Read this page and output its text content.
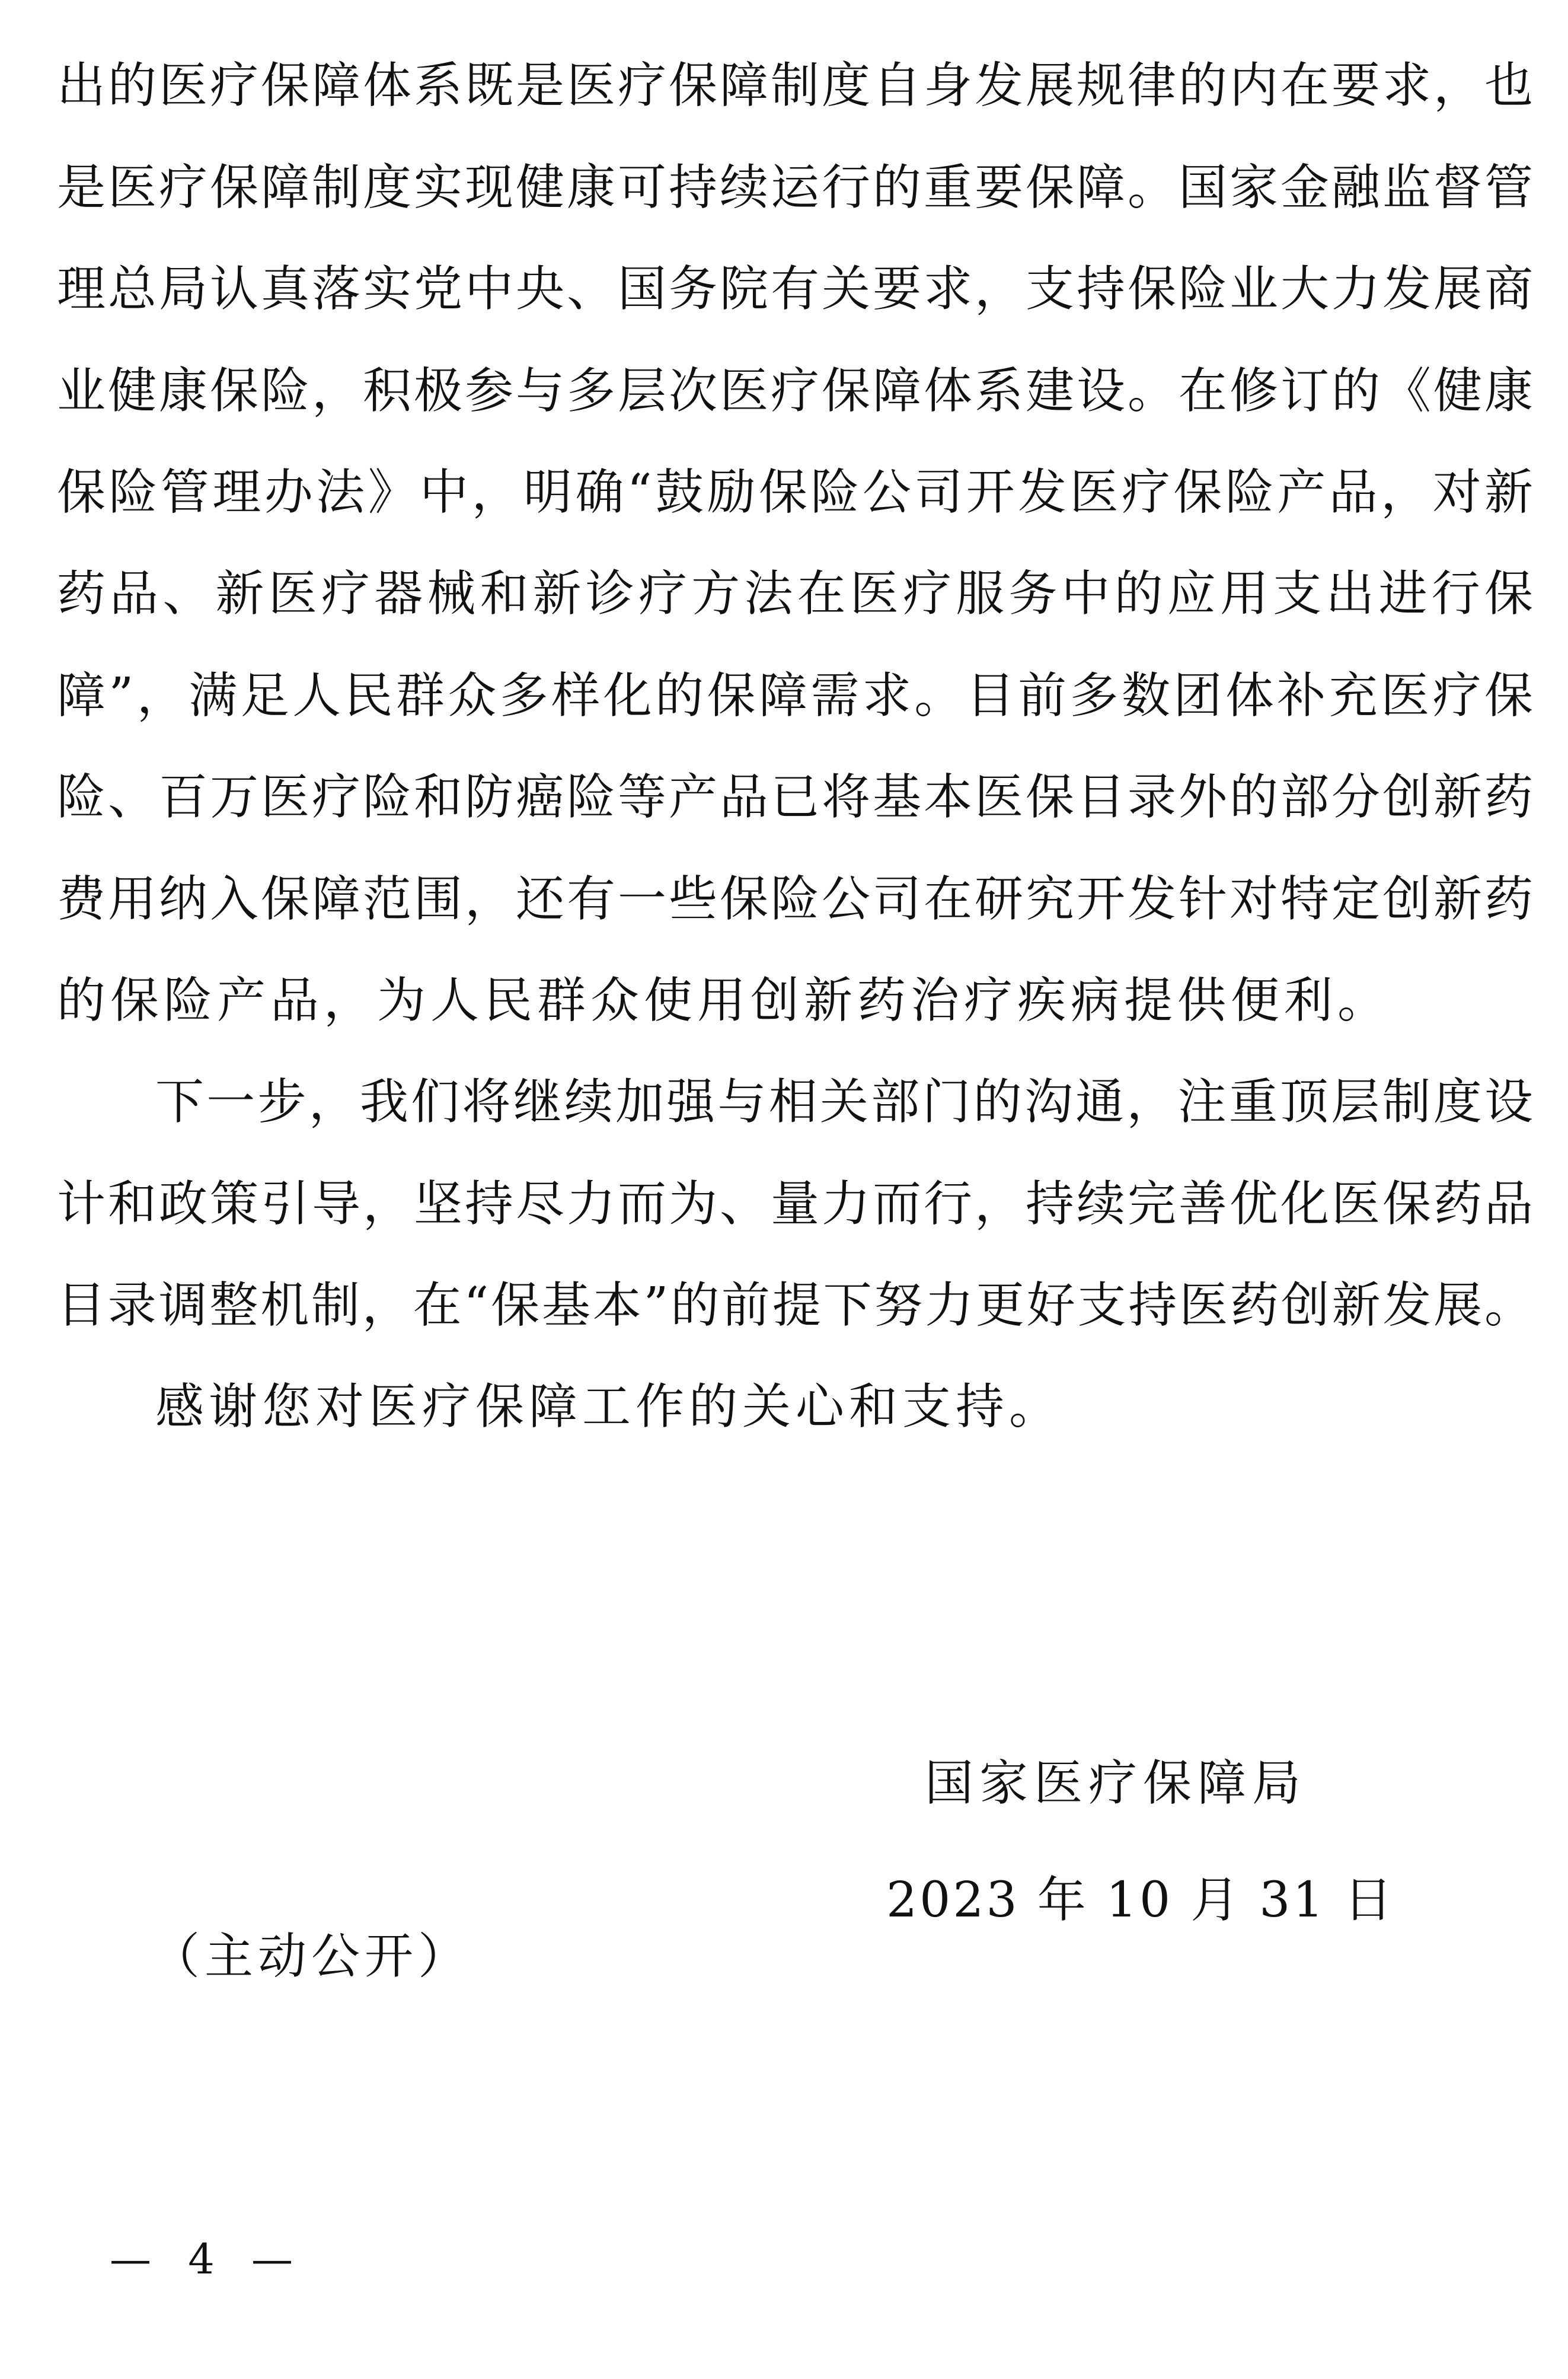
出的医疗保障体系既是医疗保障制度自身发展规律的内在要求，也
是医疗保障制度实现健康可持续运行的重要保障。国家金融监督管
理总局认真落实党中央、国务院有关要求，支持保险业大力发展商
业健康保险，积极参与多层次医疗保障体系建设。在修订的《健康
保险管理办法》中，明确“鼓励保险公司开发医疗保险产品，对新
药品、新医疗器械和新诊疗方法在医疗服务中的应用支出进行保
障”，满足人民群众多样化的保障需求。目前多数团体补充医疗保
险、百万医疗险和防癌险等产品已将基本医保目录外的部分创新药
费用纳入保障范围，还有一些保险公司在研究开发针对特定创新药
的保险产品，为人民群众使用创新药治疗疾病提供便利。
下一步，我们将继续加强与相关部门的沟通，注重顶层制度设
计和政策引导，坚持尽力而为、量力而行，持续完善优化医保药品
目录调整机制，在“保基本”的前提下努力更好支持医药创新发展。
感谢您对医疗保障工作的关心和支持。
国家医疗保障局
2023 年 10 月 31 日
（主动公开）
— 4 —
